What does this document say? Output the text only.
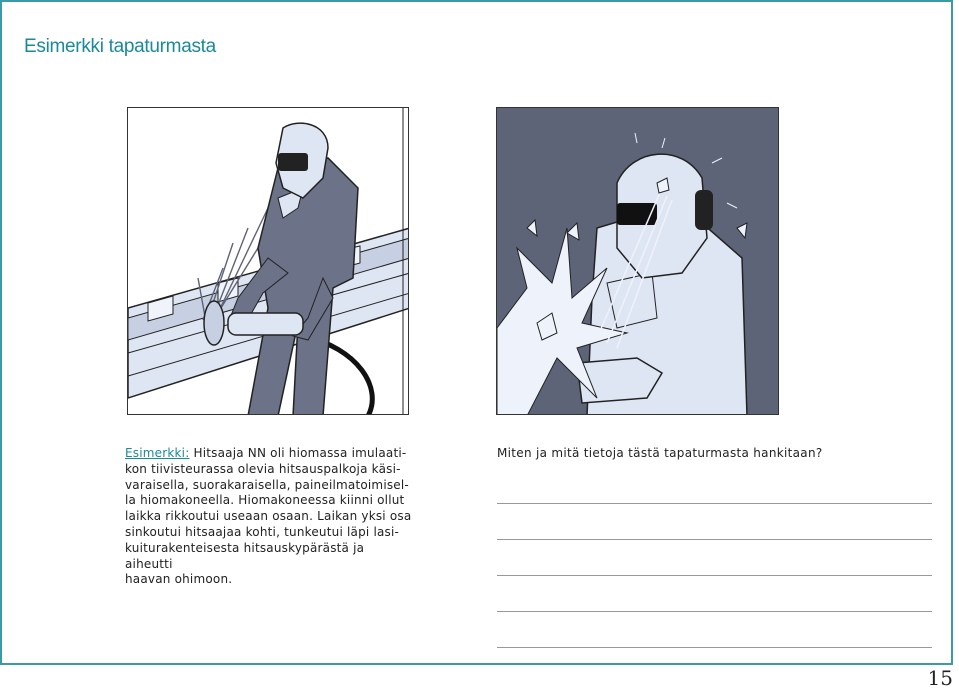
Esimerkki tapaturmasta
Esimerkki: Hitsaaja NN oli hiomassa imulaati-
kon tiivisteurassa olevia hitsauspalkoja käsi-
varaisella, suorakaraisella, paineilmatoimisel-
la hiomakoneella. Hiomakoneessa kiinni ollut
laikka rikkoutui useaan osaan. Laikan yksi osa
sinkoutui hitsaajaa kohti, tunkeutui läpi lasi-
kuiturakenteisesta hitsauskypärästä ja aiheutti
haavan ohimoon.
Miten ja mitä tietoja tästä tapaturmasta hankitaan?
15
